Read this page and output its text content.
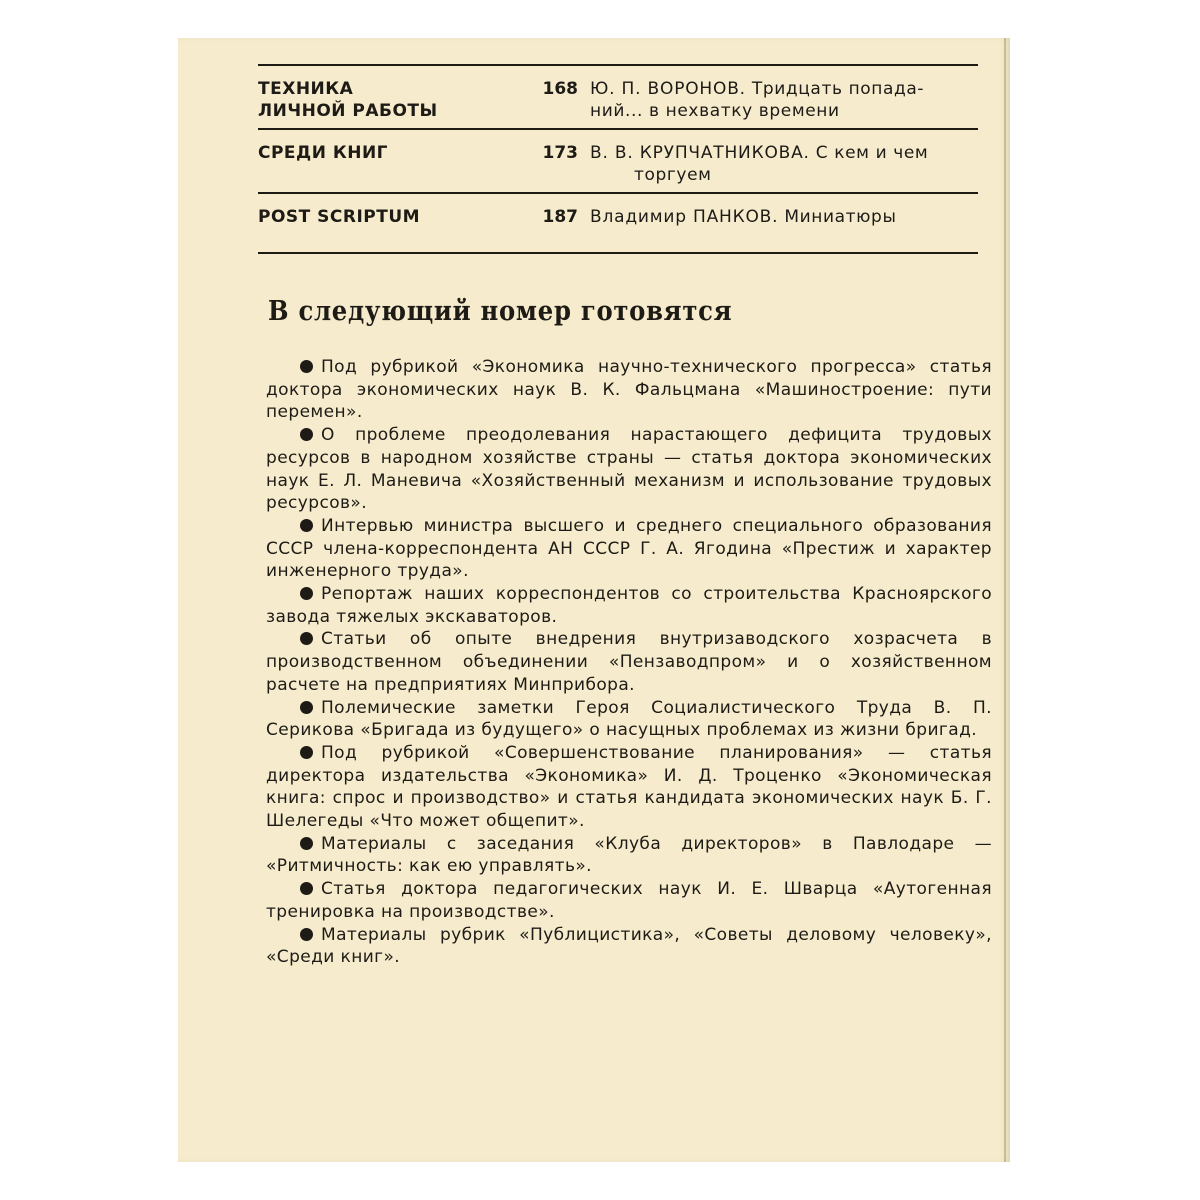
ТЕХНИКА
ЛИЧНОЙ РАБОТЫ
168 Ю. П. ВОРОНОВ. Тридцать попада-
ний... в нехватку времени
СРЕДИ КНИГ	173 В. В. КРУПЧАТНИКОВА. С кем и чем
торгуем
POST SCRIPTUM	187 Владимир ПАНКОВ. Миниатюры
В следующий номер готовятся

Под рубрикой «Экономика научно-технического прогресса» статья доктора экономических наук В. К. Фальцмана «Машиностроение: пути перемен».

О проблеме преодолевания нарастающего дефицита трудовых ресурсов в народном хозяйстве страны — статья доктора экономических наук Е. Л. Маневича «Хозяйственный механизм и использование трудовых ресурсов».

Интервью министра высшего и среднего специального образования СССР члена-корреспондента АН СССР Г. А. Ягодина «Престиж и характер инженерного труда».

Репортаж наших корреспондентов со строительства Красноярского завода тяжелых экскаваторов.

Статьи об опыте внедрения внутризаводского хозрасчета в производственном объединении «Пензаводпром» и о хозяйственном расчете на предприятиях Минприбора.

Полемические заметки Героя Социалистического Труда В. П. Серикова «Бригада из будущего» о насущных проблемах из жизни бригад.

Под рубрикой «Совершенствование планирования» — статья директора издательства «Экономика» И. Д. Троценко «Экономическая книга: спрос и производство» и статья кандидата экономических наук Б. Г. Шелегеды «Что может общепит».

Материалы с заседания «Клуба директоров» в Павлодаре — «Ритмичность: как ею управлять».

Статья доктора педагогических наук И. Е. Шварца «Аутогенная тренировка на производстве».

Материалы рубрик «Публицистика», «Советы деловому человеку», «Среди книг».
